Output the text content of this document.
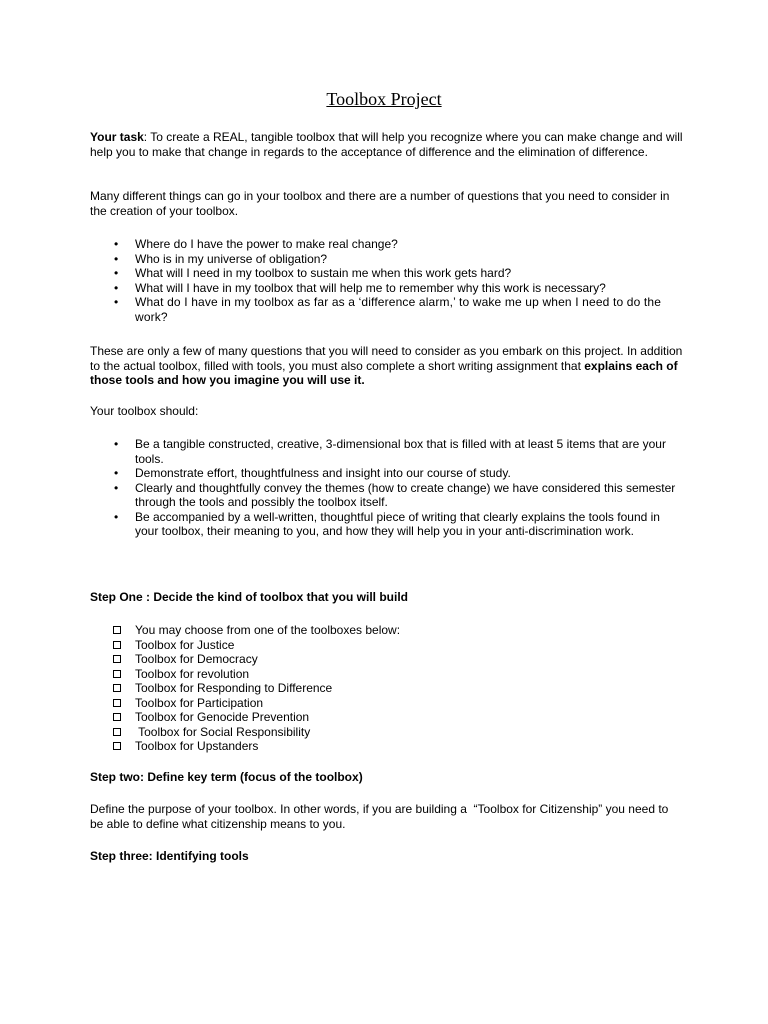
Toolbox Project

Your task: To create a REAL, tangible toolbox that will help you recognize where you can make change and will help you to make that change in regards to the acceptance of difference and the elimination of difference.

Many different things can go in your toolbox and there are a number of questions that you need to consider in the creation of your toolbox.

• Where do I have the power to make real change?
• Who is in my universe of obligation?
• What will I need in my toolbox to sustain me when this work gets hard?
• What will I have in my toolbox that will help me to remember why this work is necessary?
• What do I have in my toolbox as far as a ‘difference alarm,’ to wake me up when I need to do the work?

These are only a few of many questions that you will need to consider as you embark on this project. In addition to the actual toolbox, filled with tools, you must also complete a short writing assignment that explains each of those tools and how you imagine you will use it.

Your toolbox should:

• Be a tangible constructed, creative, 3-dimensional box that is filled with at least 5 items that are your tools.
• Demonstrate effort, thoughtfulness and insight into our course of study.
• Clearly and thoughtfully convey the themes (how to create change) we have considered this semester through the tools and possibly the toolbox itself.
• Be accompanied by a well-written, thoughtful piece of writing that clearly explains the tools found in your toolbox, their meaning to you, and how they will help you in your anti-discrimination work.

Step One : Decide the kind of toolbox that you will build

You may choose from one of the toolboxes below:
Toolbox for Justice
Toolbox for Democracy
Toolbox for revolution
Toolbox for Responding to Difference
Toolbox for Participation
Toolbox for Genocide Prevention
Toolbox for Social Responsibility
Toolbox for Upstanders

Step two: Define key term (focus of the toolbox)

Define the purpose of your toolbox. In other words, if you are building a  “Toolbox for Citizenship” you need to be able to define what citizenship means to you.

Step three: Identifying tools
